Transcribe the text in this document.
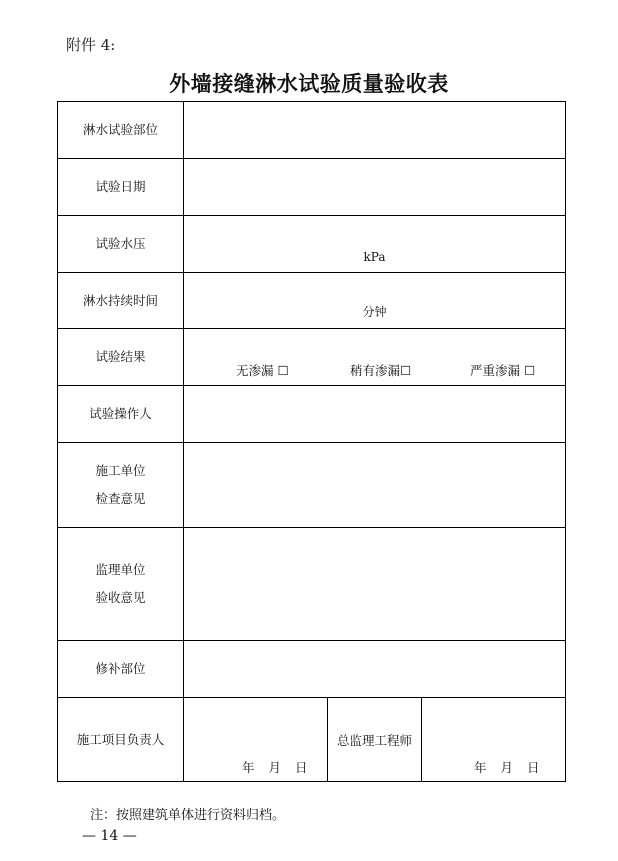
附件 4:
外墙接缝淋水试验质量验收表
淋水试验部位
试验日期
试验水压
kPa
淋水持续时间
分钟
试验结果
无渗漏 ☐	稍有渗漏☐	严重渗漏 ☐
试验操作人
施工单位
检查意见
监理单位
验收意见
修补部位
施工项目负责人
年 月 日
总监理工程师
年 月 日
注：按照建筑单体进行资料归档。
— 14 —
